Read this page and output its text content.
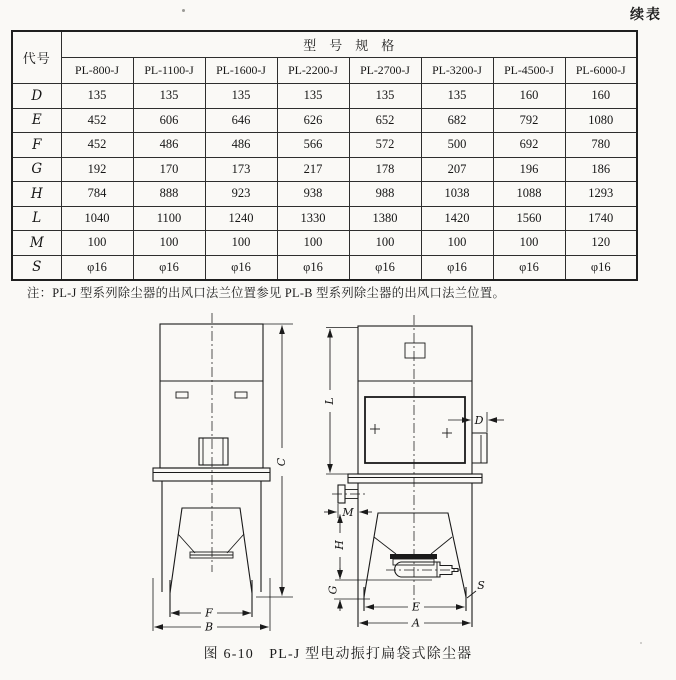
续表
代号	型　号　规　格							
	PL-800-J	PL-1100-J	PL-1600-J	PL-2200-J	PL-2700-J	PL-3200-J	PL-4500-J	PL-6000-J
D	135	135	135	135	135	135	160	160
E	452	606	646	626	652	682	792	1080
F	452	486	486	566	572	500	692	780
G	192	170	173	217	178	207	196	186
H	784	888	923	938	988	1038	1088	1293
L	1040	1100	1240	1330	1380	1420	1560	1740
M	100	100	100	100	100	100	100	120
S	φ16	φ16	φ16	φ16	φ16	φ16	φ16	φ16
注：PL-J 型系列除尘器的出风口法兰位置参见 PL-B 型系列除尘器的出风口法兰位置。
C
F
B
D
L
M
H
G	S
E
A
图 6-10　PL-J 型电动振打扁袋式除尘器
